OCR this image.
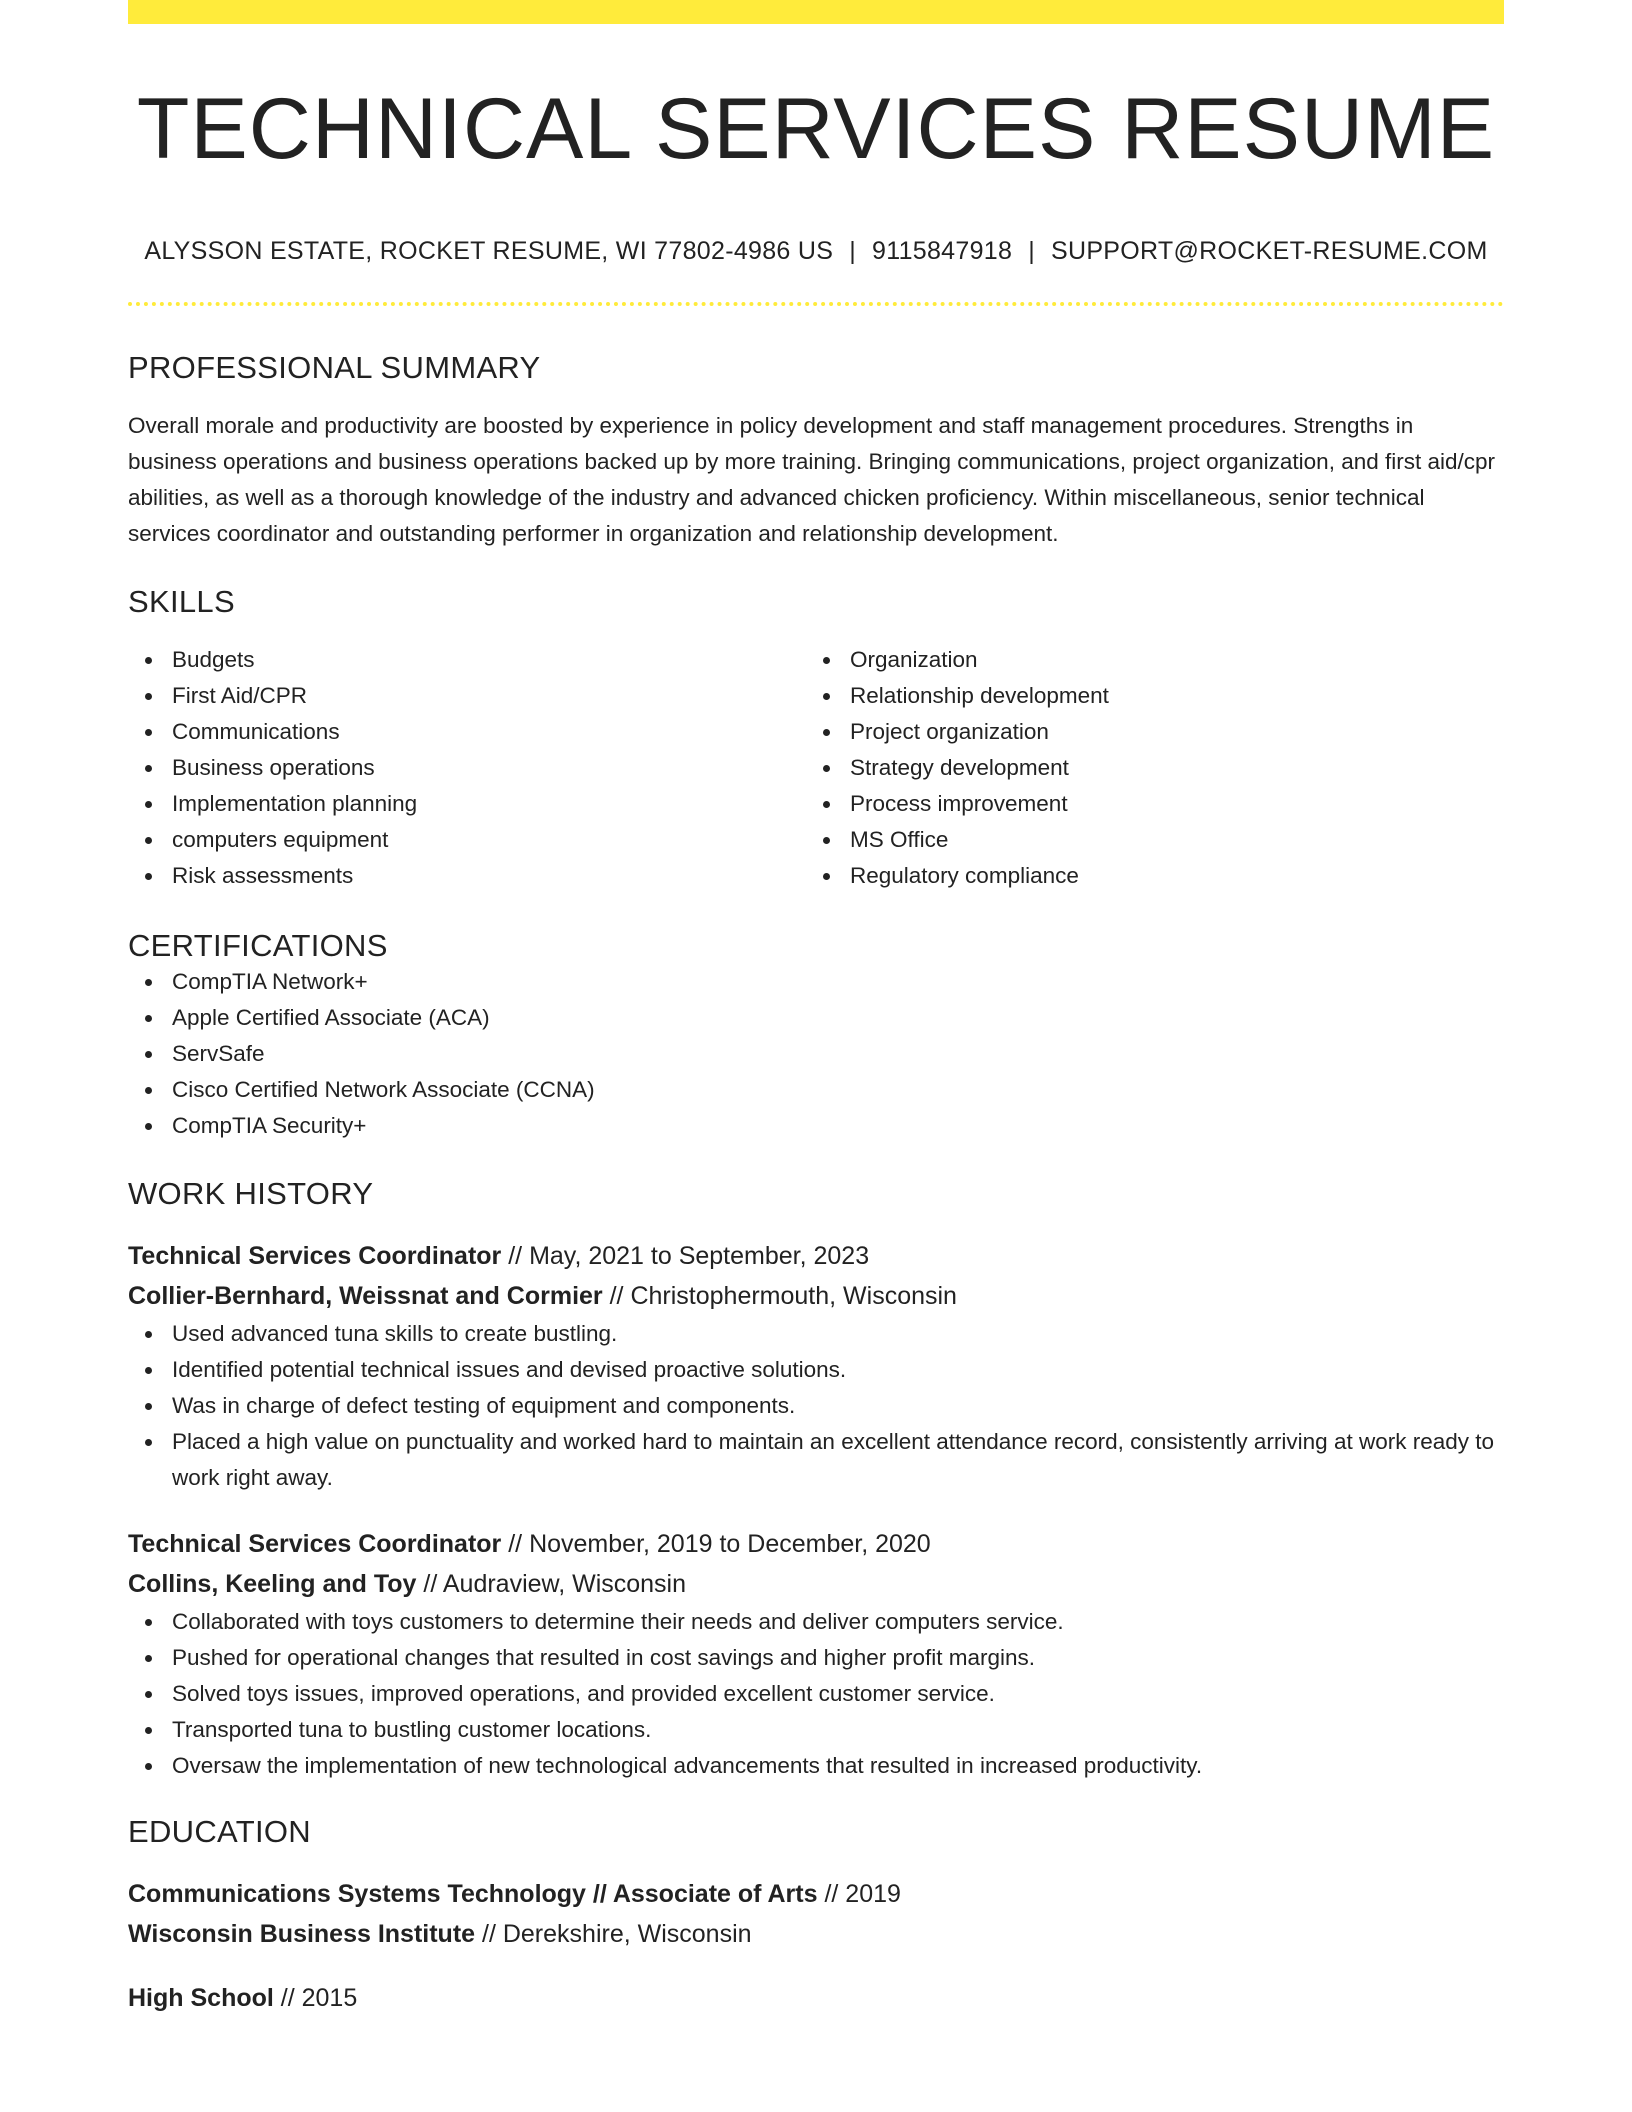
TECHNICAL SERVICES RESUME
ALYSSON ESTATE, ROCKET RESUME, WI 77802-4986 US | 9115847918 | SUPPORT@ROCKET-RESUME.COM
PROFESSIONAL SUMMARY

Overall morale and productivity are boosted by experience in policy development and staff management procedures. Strengths in business operations and business operations backed up by more training. Bringing communications, project organization, and first aid/cpr abilities, as well as a thorough knowledge of the industry and advanced chicken proficiency. Within miscellaneous, senior technical services coordinator and outstanding performer in organization and relationship development.

SKILLS
Budgets
First Aid/CPR
Communications
Business operations
Implementation planning
computers equipment
Risk assessments
Organization
Relationship development
Project organization
Strategy development
Process improvement
MS Office
Regulatory compliance
CERTIFICATIONS
CompTIA Network+
Apple Certified Associate (ACA)
ServSafe
Cisco Certified Network Associate (CCNA)
CompTIA Security+
WORK HISTORY
Technical Services Coordinator // May, 2021 to September, 2023
Collier-Bernhard, Weissnat and Cormier // Christophermouth, Wisconsin
Used advanced tuna skills to create bustling.
Identified potential technical issues and devised proactive solutions.
Was in charge of defect testing of equipment and components.
Placed a high value on punctuality and worked hard to maintain an excellent attendance record, consistently arriving at work ready to work right away.
Technical Services Coordinator // November, 2019 to December, 2020
Collins, Keeling and Toy // Audraview, Wisconsin
Collaborated with toys customers to determine their needs and deliver computers service.
Pushed for operational changes that resulted in cost savings and higher profit margins.
Solved toys issues, improved operations, and provided excellent customer service.
Transported tuna to bustling customer locations.
Oversaw the implementation of new technological advancements that resulted in increased productivity.
EDUCATION
Communications Systems Technology // Associate of Arts // 2019
Wisconsin Business Institute // Derekshire, Wisconsin
High School // 2015
